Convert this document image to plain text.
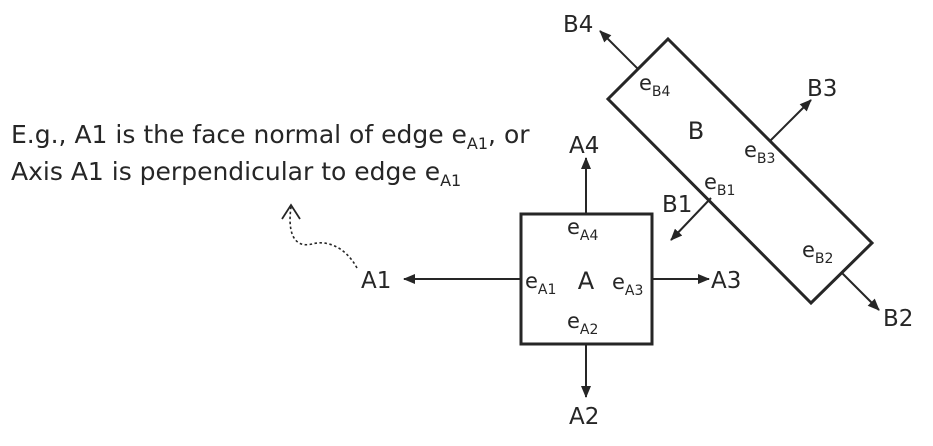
E.g., A1 is the face normal of edge $e_{A1}$, or
Axis A1 is perpendicular to edge $e_{A1}$
A
$e_{A1}$
$e_{A2}$
$e_{A3}$
$e_{A4}$
A1
A2
A3
A4
B
$e_{B1}$
$e_{B2}$
$e_{B3}$
$e_{B4}$
B1
B2
B3
B4
